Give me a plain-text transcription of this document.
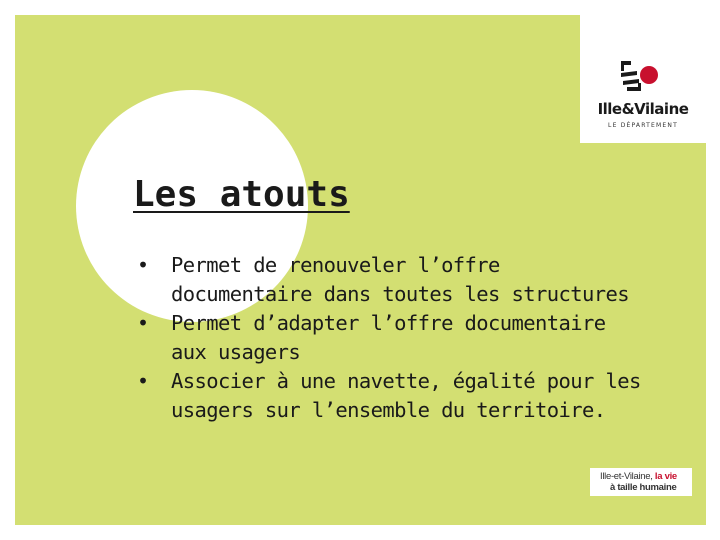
Ille&Vilaine
LE DÉPARTEMENT
Les atouts
• Permet de renouveler l’offre
documentaire dans toutes les structures
• Permet d’adapter l’offre documentaire
aux usagers
• Associer à une navette, égalité pour les
usagers sur l’ensemble du territoire.
Ille-et-Vilaine, la vie
à taille humaine
